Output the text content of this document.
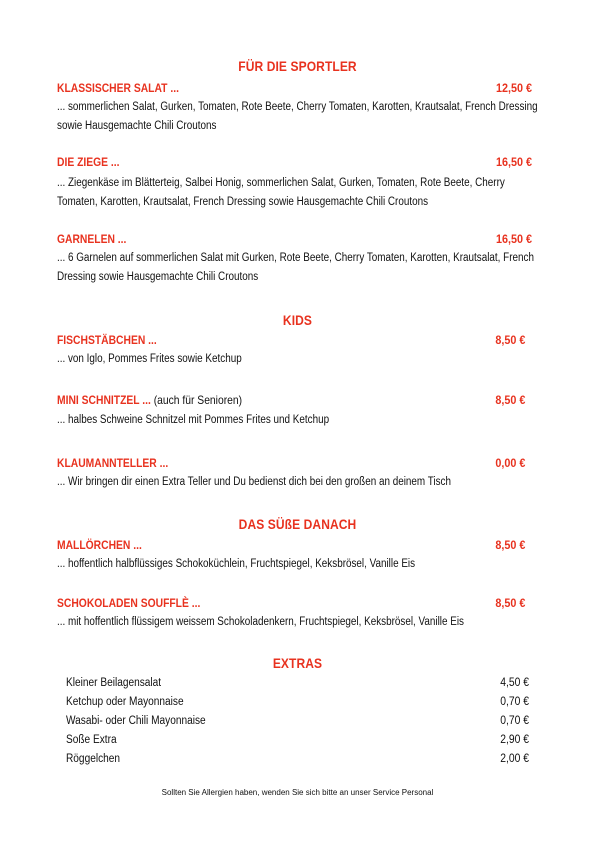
FÜR DIE SPORTLER
KLASSISCHER SALAT ...	12,50 €
... sommerlichen Salat, Gurken, Tomaten, Rote Beete, Cherry Tomaten, Karotten, Krautsalat, French Dressing sowie Hausgemachte Chili Croutons
DIE ZIEGE ...	16,50 €
... Ziegenkäse im Blätterteig, Salbei Honig, sommerlichen Salat, Gurken, Tomaten, Rote Beete, Cherry Tomaten, Karotten, Krautsalat, French Dressing sowie Hausgemachte Chili Croutons
GARNELEN ...	16,50 €
... 6 Garnelen auf sommerlichen Salat mit Gurken, Rote Beete, Cherry Tomaten, Karotten, Krautsalat, French Dressing sowie Hausgemachte Chili Croutons
KIDS
FISCHSTÄBCHEN ...	8,50 €
... von Iglo, Pommes Frites sowie Ketchup
MINI SCHNITZEL ... (auch für Senioren)	8,50 €
... halbes Schweine Schnitzel mit Pommes Frites und Ketchup
KLAUMANNTELLER ...	0,00 €
... Wir bringen dir einen Extra Teller und Du bedienst dich bei den großen an deinem Tisch
DAS SÜßE DANACH
MALLÖRCHEN ...	8,50 €
... hoffentlich halbflüssiges Schokoküchlein, Fruchtspiegel, Keksbrösel, Vanille Eis
SCHOKOLADEN SOUFFLÈ ...	8,50 €
... mit hoffentlich flüssigem weissem Schokoladenkern, Fruchtspiegel, Keksbrösel, Vanille Eis
EXTRAS
Kleiner Beilagensalat	4,50 €
Ketchup oder Mayonnaise	0,70 €
Wasabi- oder Chili Mayonnaise	0,70 €
Soße Extra	2,90 €
Röggelchen	2,00 €
Sollten Sie Allergien haben, wenden Sie sich bitte an unser Service Personal
